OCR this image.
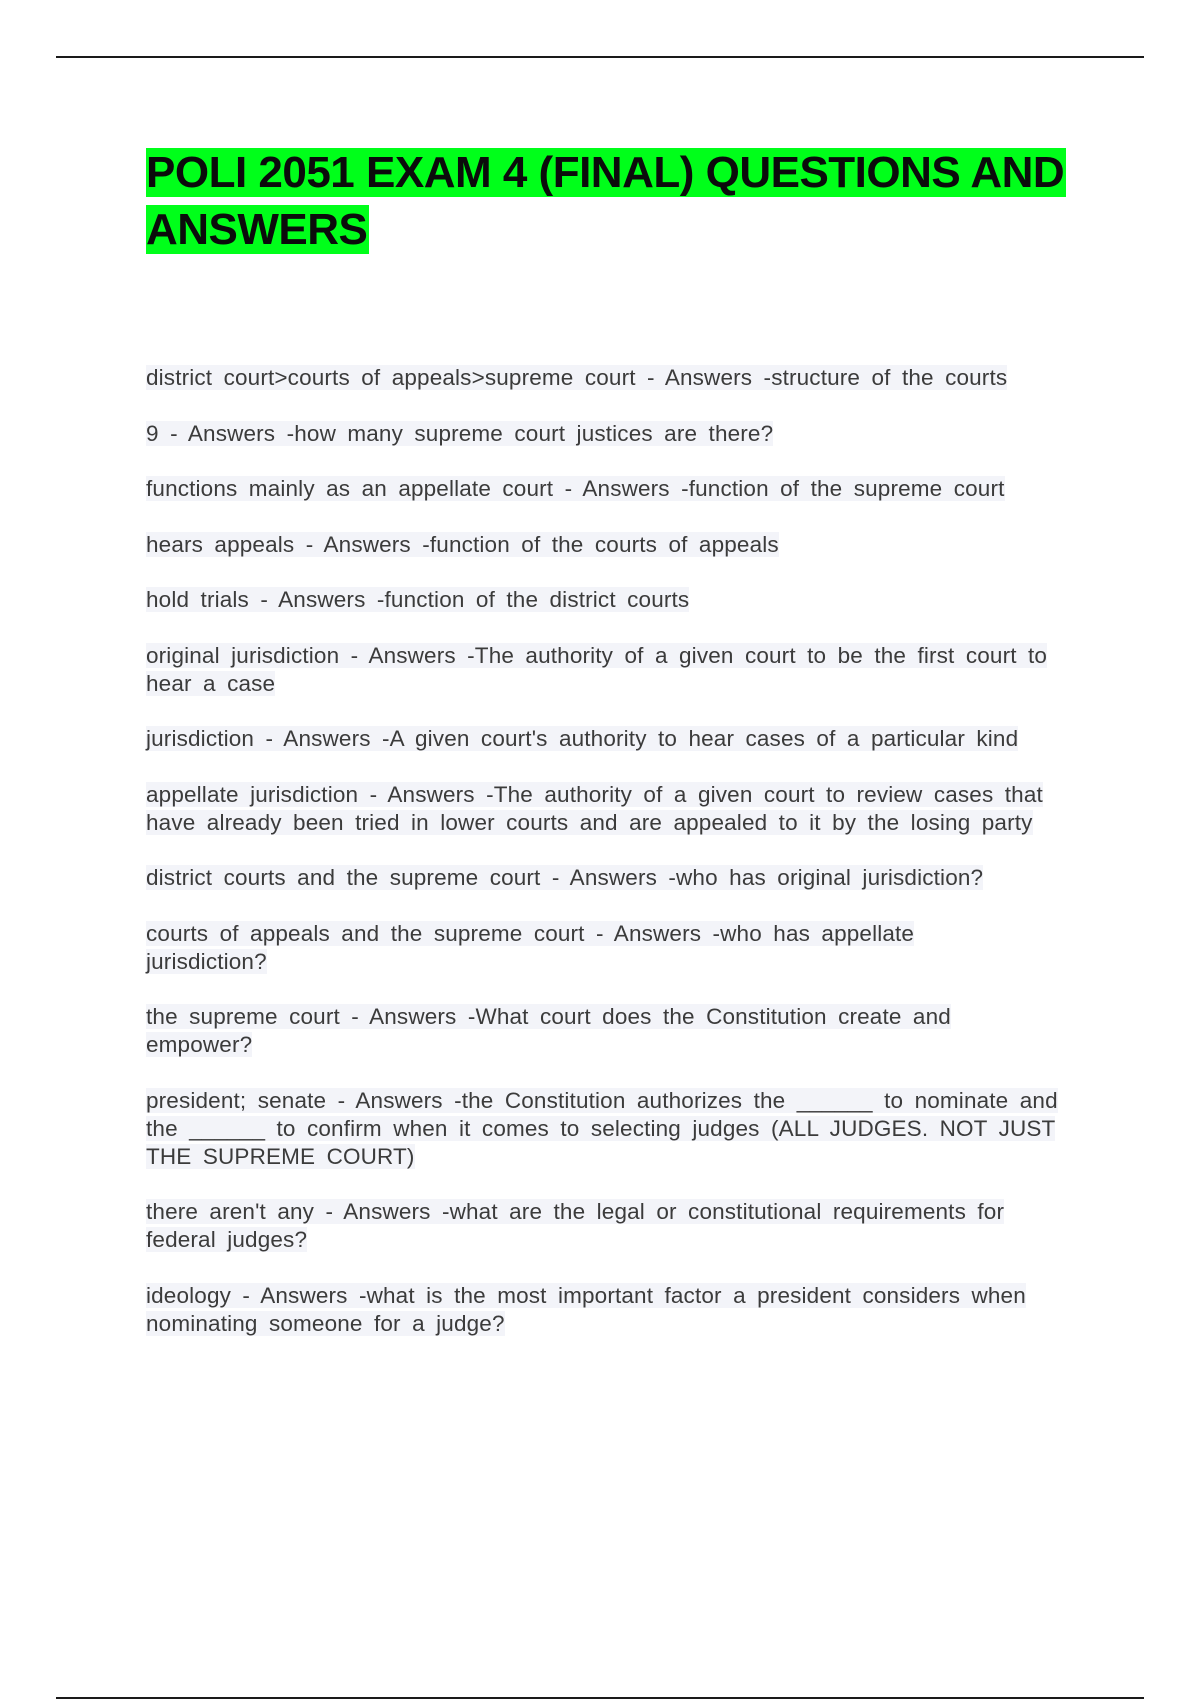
POLI 2051 EXAM 4 (FINAL) QUESTIONS AND ANSWERS
district court>courts of appeals>supreme court - Answers -structure of the courts
9 - Answers -how many supreme court justices are there?
functions mainly as an appellate court - Answers -function of the supreme court
hears appeals - Answers -function of the courts of appeals
hold trials - Answers -function of the district courts
original jurisdiction - Answers -The authority of a given court to be the first court to hear a case
jurisdiction - Answers -A given court's authority to hear cases of a particular kind
appellate jurisdiction - Answers -The authority of a given court to review cases that have already been tried in lower courts and are appealed to it by the losing party
district courts and the supreme court - Answers -who has original jurisdiction?
courts of appeals and the supreme court - Answers -who has appellate jurisdiction?
the supreme court - Answers -What court does the Constitution create and empower?
president; senate - Answers -the Constitution authorizes the ______ to nominate and the ______ to confirm when it comes to selecting judges (ALL JUDGES. NOT JUST THE SUPREME COURT)
there aren't any - Answers -what are the legal or constitutional requirements for federal judges?
ideology - Answers -what is the most important factor a president considers when nominating someone for a judge?
